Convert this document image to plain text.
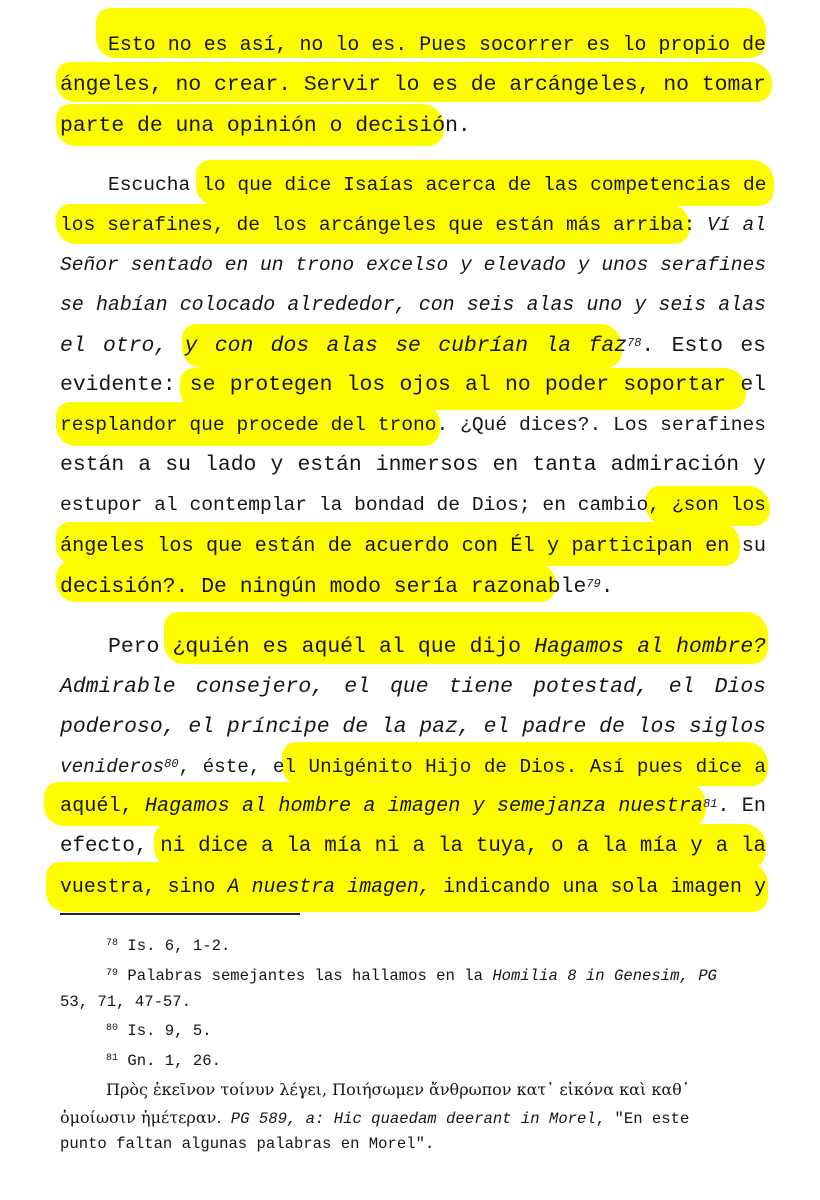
Esto no es así, no lo es. Pues socorrer es lo propio de
ángeles, no crear. Servir lo es de arcángeles, no tomar
parte de una opinión o decisión.
Escucha lo que dice Isaías acerca de las competencias de
los serafines, de los arcángeles que están más arriba: Ví al
Señor sentado en un trono excelso y elevado y unos serafines
se habían colocado alrededor, con seis alas uno y seis alas
el otro, y con dos alas se cubrían la faz$^{78}$. Esto es
evidente: se protegen los ojos al no poder soportar el
resplandor que procede del trono. ¿Qué dices?. Los serafines
están a su lado y están inmersos en tanta admiración y
estupor al contemplar la bondad de Dios; en cambio, ¿son los
ángeles los que están de acuerdo con Él y participan en su
decisión?. De ningún modo sería razonable$^{79}$.
Pero ¿quién es aquél al que dijo Hagamos al hombre?
Admirable consejero, el que tiene potestad, el Dios
poderoso, el príncipe de la paz, el padre de los siglos
venideros$^{80}$, éste, el Unigénito Hijo de Dios. Así pues dice a
aquél, Hagamos al hombre a imagen y semejanza nuestra$^{81}$. En
efecto, ni dice a la mía ni a la tuya, o a la mía y a la
vuestra, sino A nuestra imagen, indicando una sola imagen y
$^{78}$ Is. 6, 1-2.
$^{79}$ Palabras semejantes las hallamos en la Homilia 8 in Genesim, PG
53, 71, 47-57.
$^{80}$ Is. 9, 5.
$^{81}$ Gn. 1, 26.
Πρὸς ἐκεῖνον τοίνυν λέγει, Ποιήσωμεν ἄνθρωπον κατ᾿ εἰκόνα καὶ καθ᾿
ὁμοίωσιν ἡμέτεραν. PG 589, a: Hic quaedam deerant in Morel, "En este
punto faltan algunas palabras en Morel".
